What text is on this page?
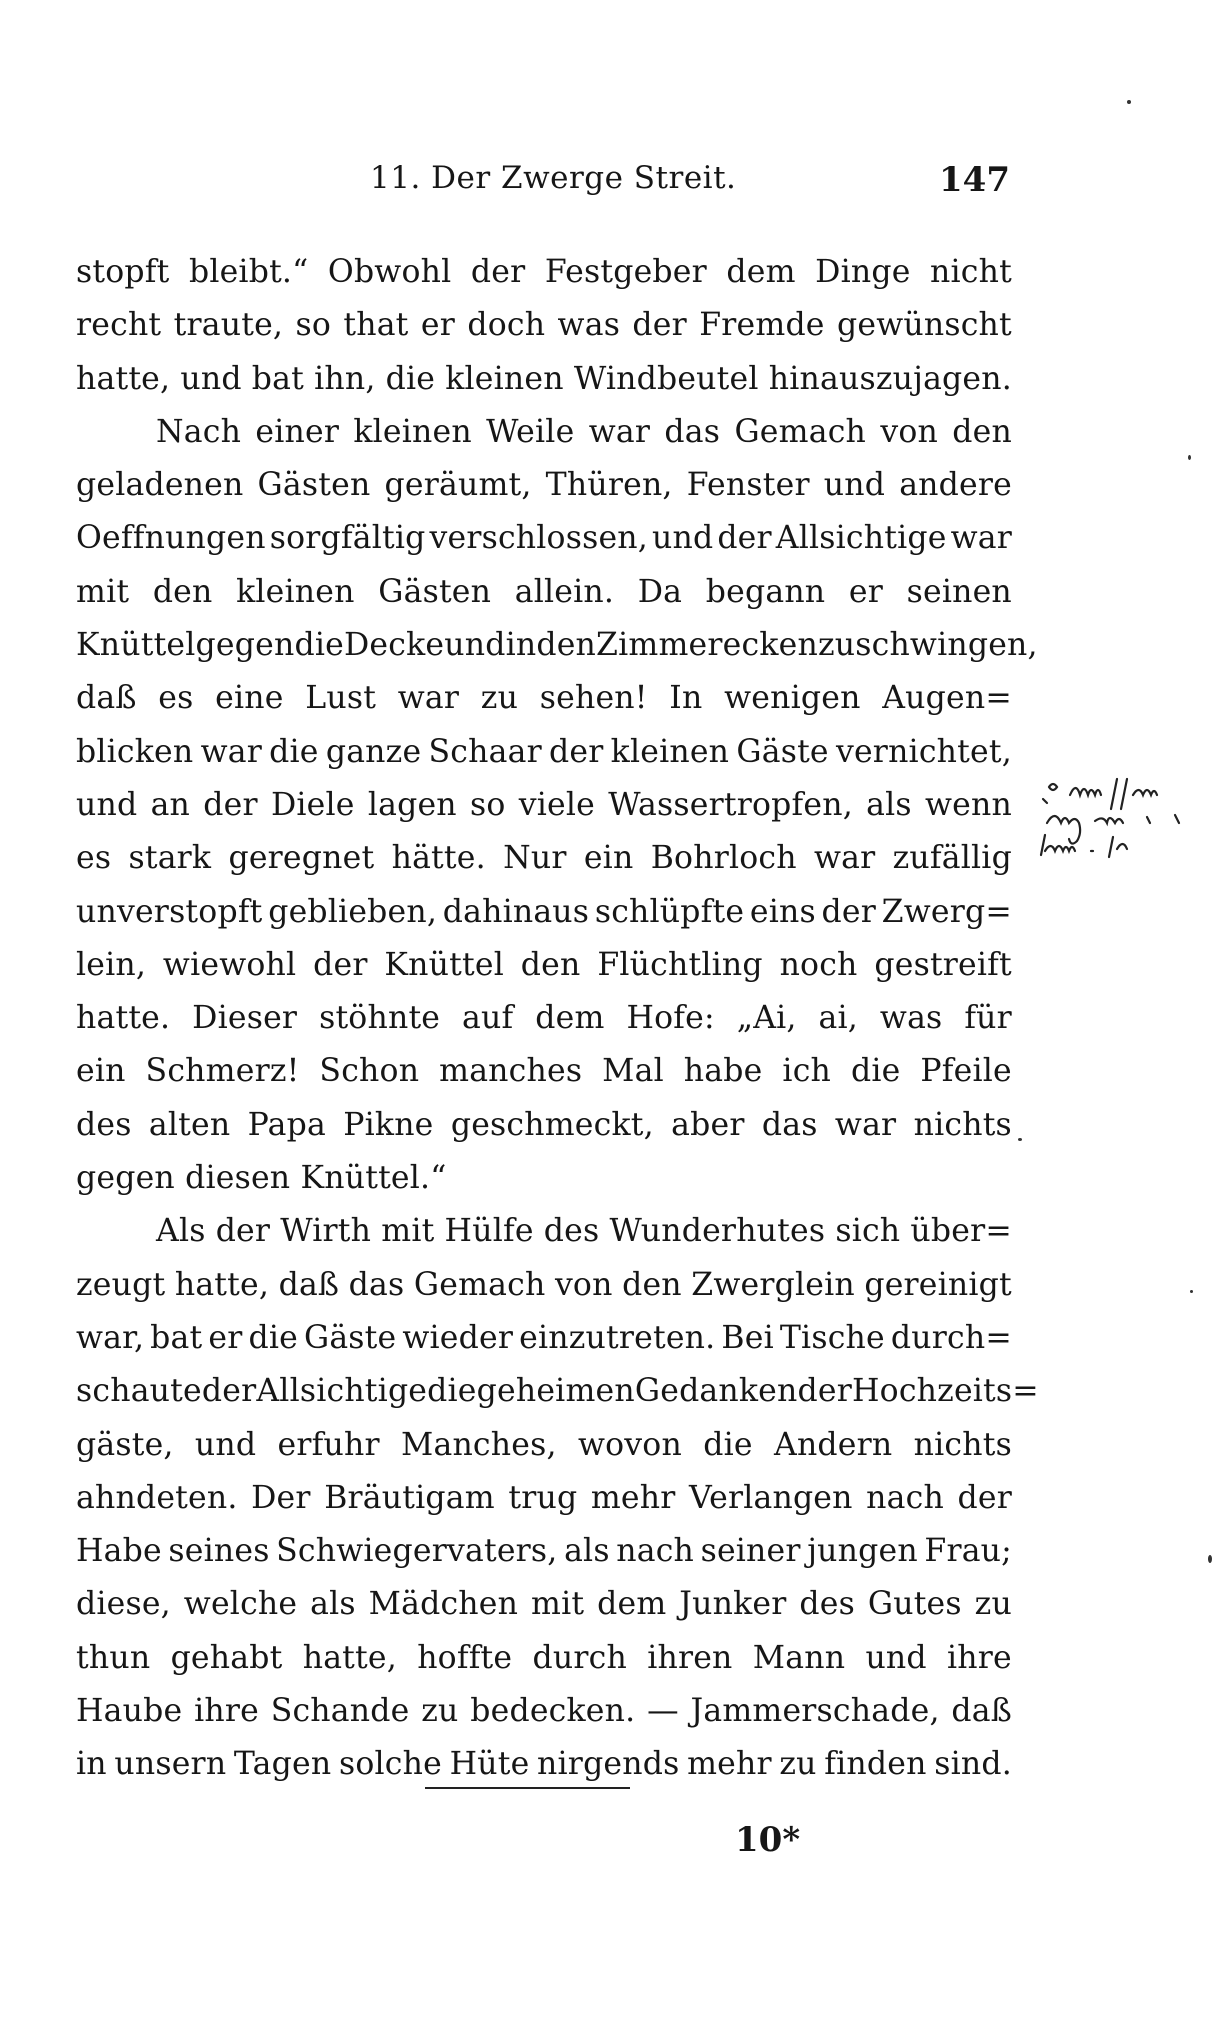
11. Der Zwerge Streit.	147
stopft bleibt.“ Obwohl der Festgeber dem Dinge nicht
recht traute, so that er doch was der Fremde gewünscht
hatte, und bat ihn, die kleinen Windbeutel hinauszujagen.
Nach einer kleinen Weile war das Gemach von den
geladenen Gästen geräumt, Thüren, Fenster und andere
Oeffnungen sorgfältig verschlossen, und der Allsichtige war
mit den kleinen Gästen allein. Da begann er seinen
Knüttel gegen die Decke und in den Zimmerecken zu schwingen,
daß es eine Lust war zu sehen! In wenigen Augen=
blicken war die ganze Schaar der kleinen Gäste vernichtet,
und an der Diele lagen so viele Wassertropfen, als wenn
es stark geregnet hätte. Nur ein Bohrloch war zufällig
unverstopft geblieben, dahinaus schlüpfte eins der Zwerg=
lein, wiewohl der Knüttel den Flüchtling noch gestreift
hatte. Dieser stöhnte auf dem Hofe: „Ai, ai, was für
ein Schmerz! Schon manches Mal habe ich die Pfeile
des alten Papa Pikne geschmeckt, aber das war nichts
gegen diesen Knüttel.“
Als der Wirth mit Hülfe des Wunderhutes sich über=
zeugt hatte, daß das Gemach von den Zwerglein gereinigt
war, bat er die Gäste wieder einzutreten. Bei Tische durch=
schaute der Allsichtige die geheimen Gedanken der Hochzeits=
gäste, und erfuhr Manches, wovon die Andern nichts
ahndeten. Der Bräutigam trug mehr Verlangen nach der
Habe seines Schwiegervaters, als nach seiner jungen Frau;
diese, welche als Mädchen mit dem Junker des Gutes zu
thun gehabt hatte, hoffte durch ihren Mann und ihre
Haube ihre Schande zu bedecken. — Jammerschade, daß
in unsern Tagen solche Hüte nirgends mehr zu finden sind.
10*
